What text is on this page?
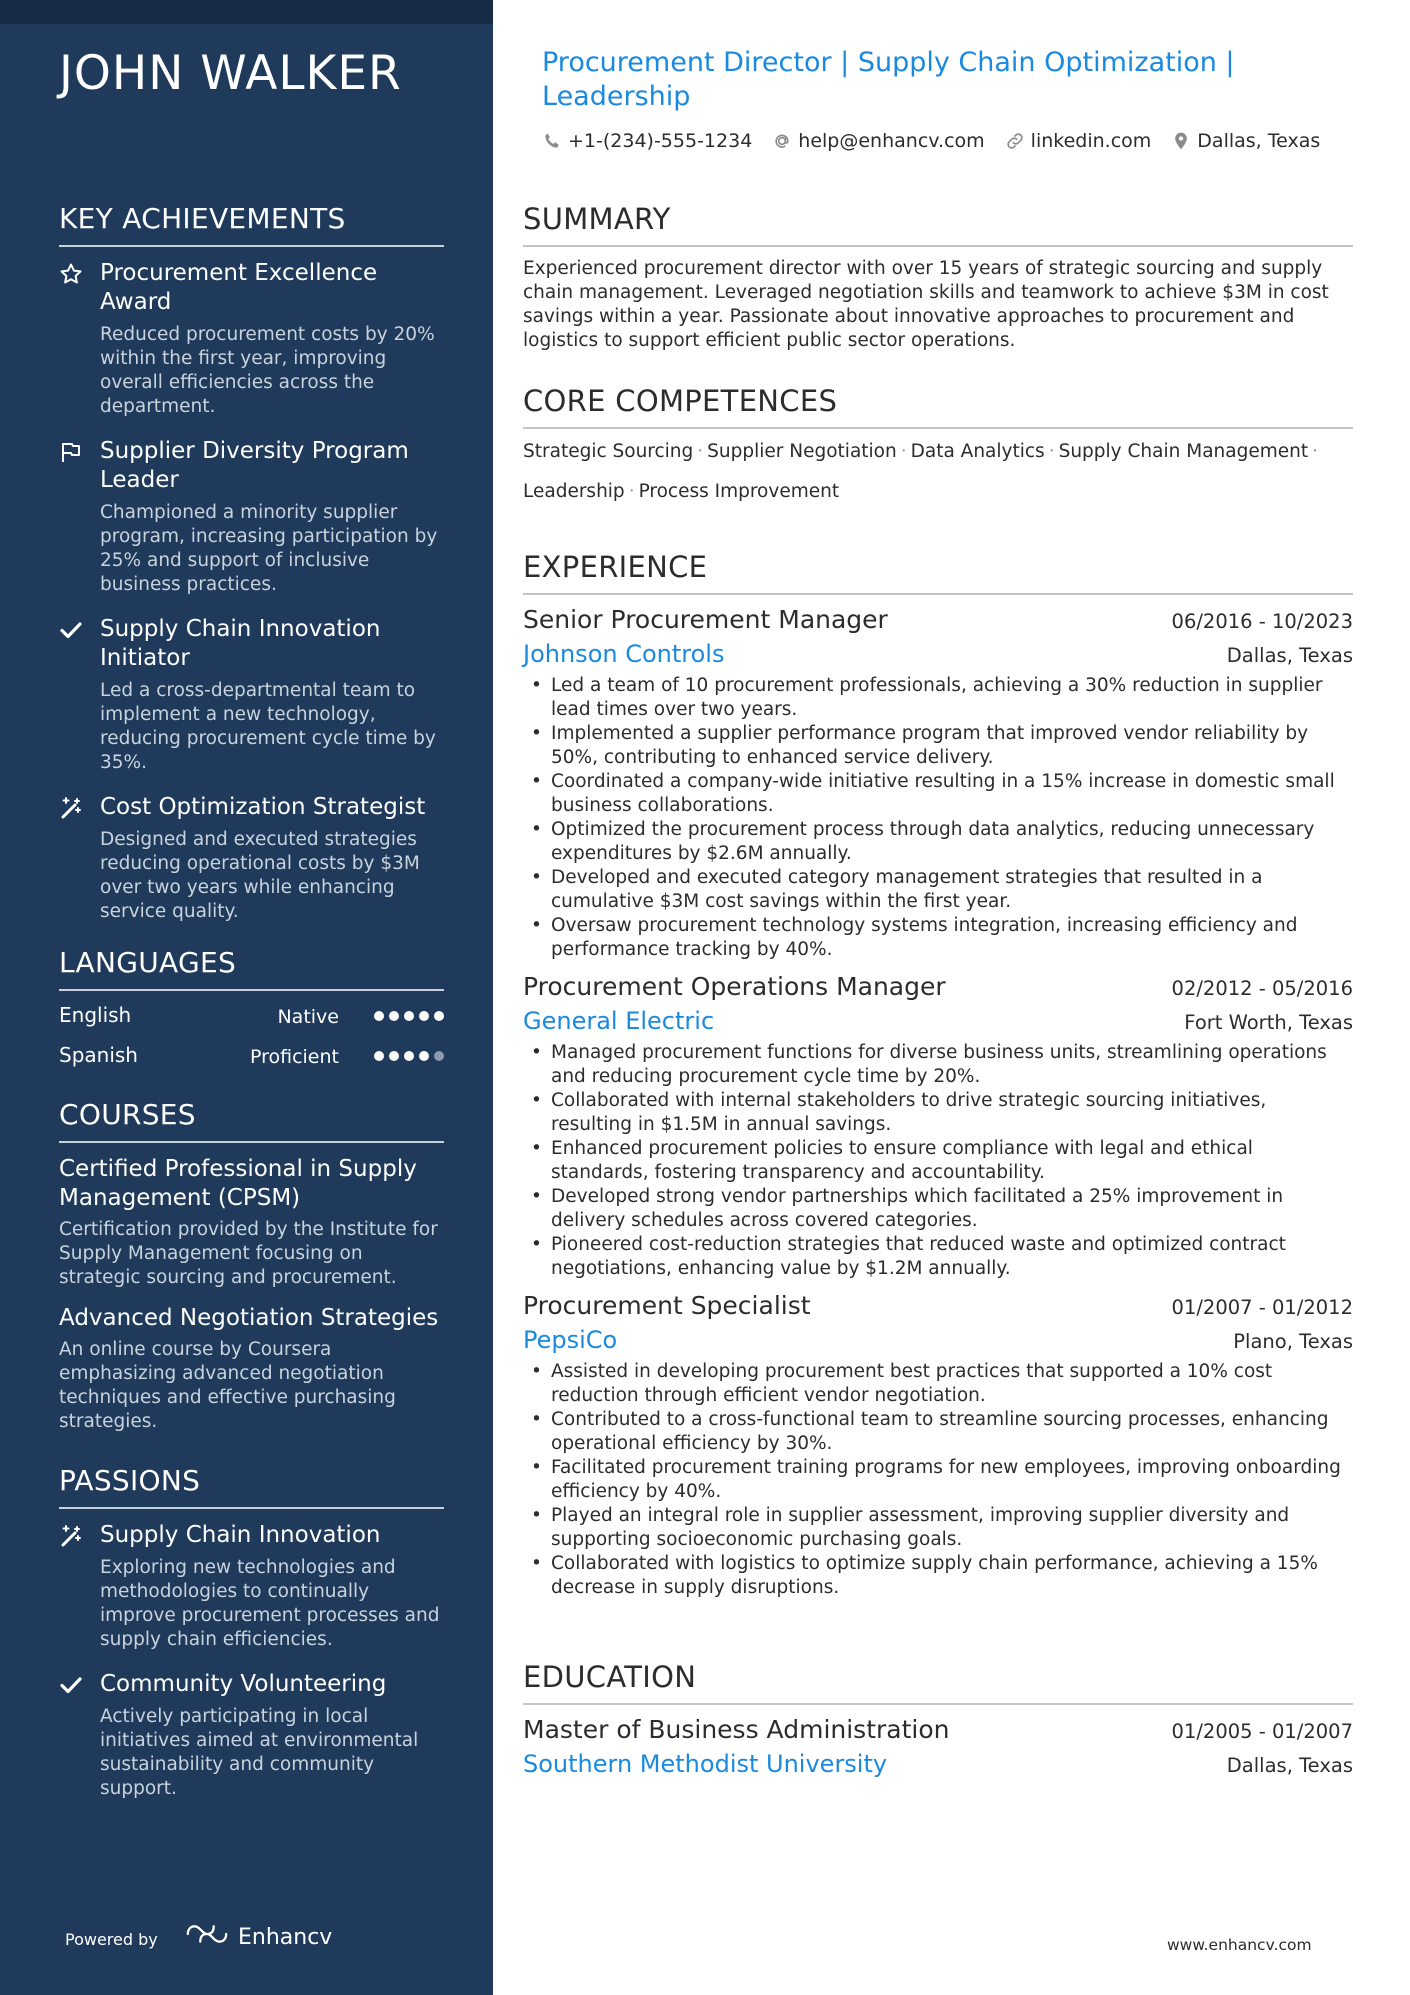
JOHN WALKER
KEY ACHIEVEMENTS
Procurement Excellence Award
Reduced procurement costs by 20% within the first year, improving overall efficiencies across the department.
Supplier Diversity Program Leader
Championed a minority supplier program, increasing participation by 25% and support of inclusive business practices.
Supply Chain Innovation Initiator
Led a cross-departmental team to implement a new technology, reducing procurement cycle time by 35%.
Cost Optimization Strategist
Designed and executed strategies reducing operational costs by $3M over two years while enhancing service quality.
LANGUAGES
English	Native
Spanish	Proficient
COURSES
Certified Professional in Supply Management (CPSM)
Certification provided by the Institute for Supply Management focusing on strategic sourcing and procurement.
Advanced Negotiation Strategies
An online course by Coursera emphasizing advanced negotiation techniques and effective purchasing strategies.
PASSIONS
Supply Chain Innovation
Exploring new technologies and methodologies to continually improve procurement processes and supply chain efficiencies.
Community Volunteering
Actively participating in local initiatives aimed at environmental sustainability and community support.
Powered by	Enhancv
Procurement Director | Supply Chain Optimization | Leadership
+1-(234)-555-1234 help@enhancv.com linkedin.com Dallas, Texas
SUMMARY
Experienced procurement director with over 15 years of strategic sourcing and supply chain management. Leveraged negotiation skills and teamwork to achieve $3M in cost savings within a year. Passionate about innovative approaches to procurement and logistics to support efficient public sector operations.
CORE COMPETENCES
Strategic Sourcing · Supplier Negotiation · Data Analytics · Supply Chain Management ·
Leadership · Process Improvement
EXPERIENCE
Senior Procurement Manager	06/2016 - 10/2023
Johnson Controls	Dallas, Texas
• Led a team of 10 procurement professionals, achieving a 30% reduction in supplier lead times over two years.
• Implemented a supplier performance program that improved vendor reliability by 50%, contributing to enhanced service delivery.
• Coordinated a company-wide initiative resulting in a 15% increase in domestic small business collaborations.
• Optimized the procurement process through data analytics, reducing unnecessary expenditures by $2.6M annually.
• Developed and executed category management strategies that resulted in a cumulative $3M cost savings within the first year.
• Oversaw procurement technology systems integration, increasing efficiency and performance tracking by 40%.
Procurement Operations Manager	02/2012 - 05/2016
General Electric	Fort Worth, Texas
• Managed procurement functions for diverse business units, streamlining operations and reducing procurement cycle time by 20%.
• Collaborated with internal stakeholders to drive strategic sourcing initiatives, resulting in $1.5M in annual savings.
• Enhanced procurement policies to ensure compliance with legal and ethical standards, fostering transparency and accountability.
• Developed strong vendor partnerships which facilitated a 25% improvement in delivery schedules across covered categories.
• Pioneered cost-reduction strategies that reduced waste and optimized contract negotiations, enhancing value by $1.2M annually.
Procurement Specialist	01/2007 - 01/2012
PepsiCo	Plano, Texas
• Assisted in developing procurement best practices that supported a 10% cost reduction through efficient vendor negotiation.
• Contributed to a cross-functional team to streamline sourcing processes, enhancing operational efficiency by 30%.
• Facilitated procurement training programs for new employees, improving onboarding efficiency by 40%.
• Played an integral role in supplier assessment, improving supplier diversity and supporting socioeconomic purchasing goals.
• Collaborated with logistics to optimize supply chain performance, achieving a 15% decrease in supply disruptions.
EDUCATION
Master of Business Administration	01/2005 - 01/2007
Southern Methodist University	Dallas, Texas
www.enhancv.com
